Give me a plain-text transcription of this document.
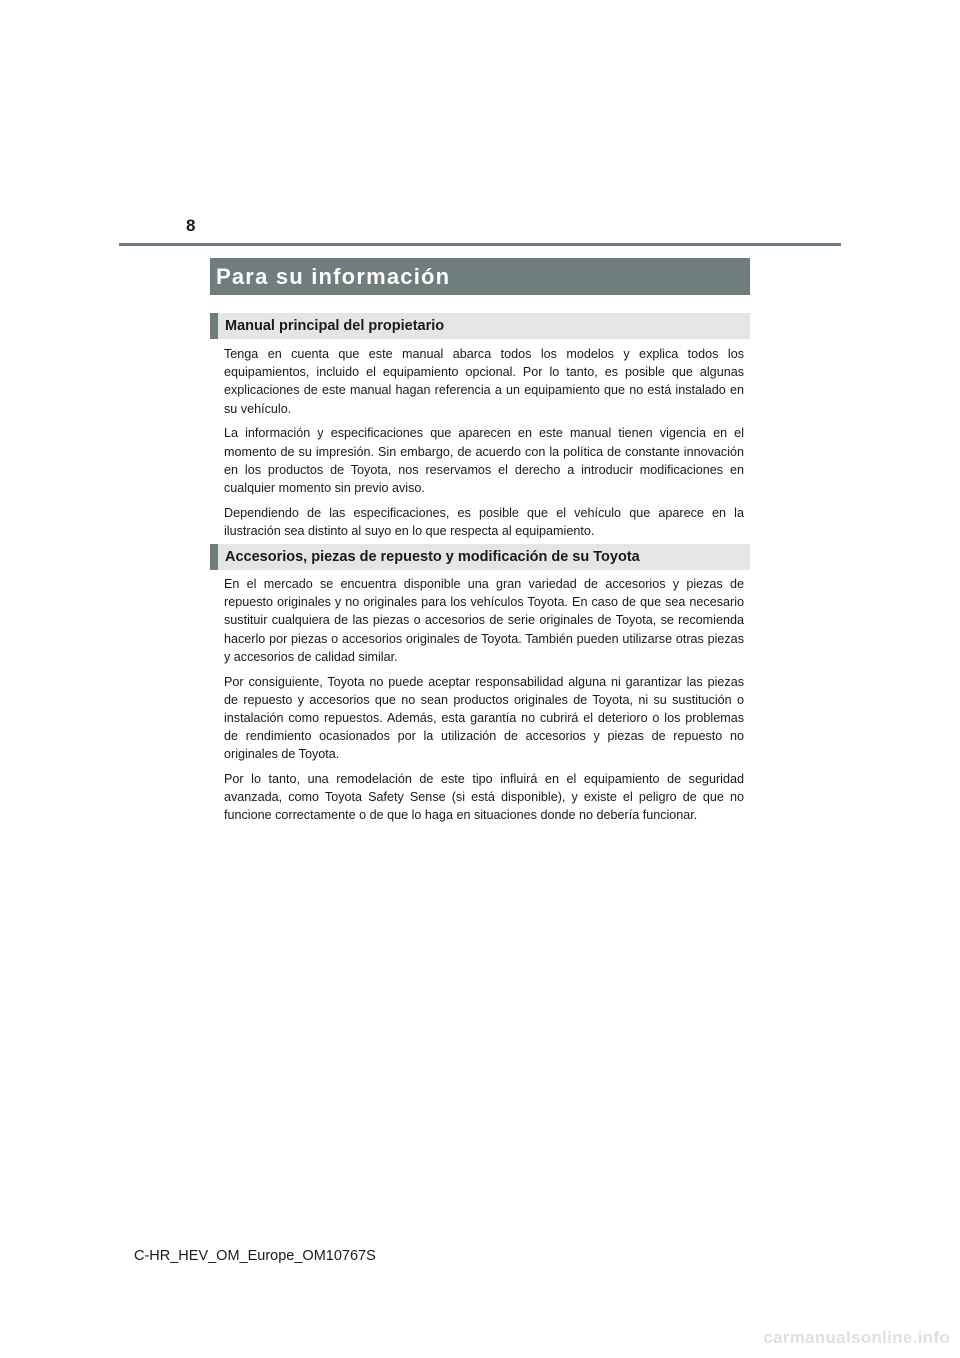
8
Para su información
Manual principal del propietario

Tenga en cuenta que este manual abarca todos los modelos y explica todos los equipamientos, incluido el equipamiento opcional. Por lo tanto, es posible que algunas explicaciones de este manual hagan referencia a un equipamiento que no está instalado en su vehículo.

La información y especificaciones que aparecen en este manual tienen vigencia en el momento de su impresión. Sin embargo, de acuerdo con la política de constante innovación en los productos de Toyota, nos reservamos el derecho a introducir modificaciones en cualquier momento sin previo aviso.

Dependiendo de las especificaciones, es posible que el vehículo que aparece en la ilustración sea distinto al suyo en lo que respecta al equipamiento.

Accesorios, piezas de repuesto y modificación de su Toyota

En el mercado se encuentra disponible una gran variedad de accesorios y piezas de repuesto originales y no originales para los vehículos Toyota. En caso de que sea necesario sustituir cualquiera de las piezas o accesorios de serie originales de Toyota, se recomienda hacerlo por piezas o accesorios originales de Toyota. También pueden utilizarse otras piezas y accesorios de calidad similar.

Por consiguiente, Toyota no puede aceptar responsabilidad alguna ni garantizar las piezas de repuesto y accesorios que no sean productos originales de Toyota, ni su sustitución o instalación como repuestos. Además, esta garantía no cubrirá el deterioro o los problemas de rendimiento ocasionados por la utilización de accesorios y piezas de repuesto no originales de Toyota.

Por lo tanto, una remodelación de este tipo influirá en el equipamiento de seguridad avanzada, como Toyota Safety Sense (si está disponible), y existe el peligro de que no funcione correctamente o de que lo haga en situaciones donde no debería funcionar.

C-HR_HEV_OM_Europe_OM10767S
carmanualsonline.info
